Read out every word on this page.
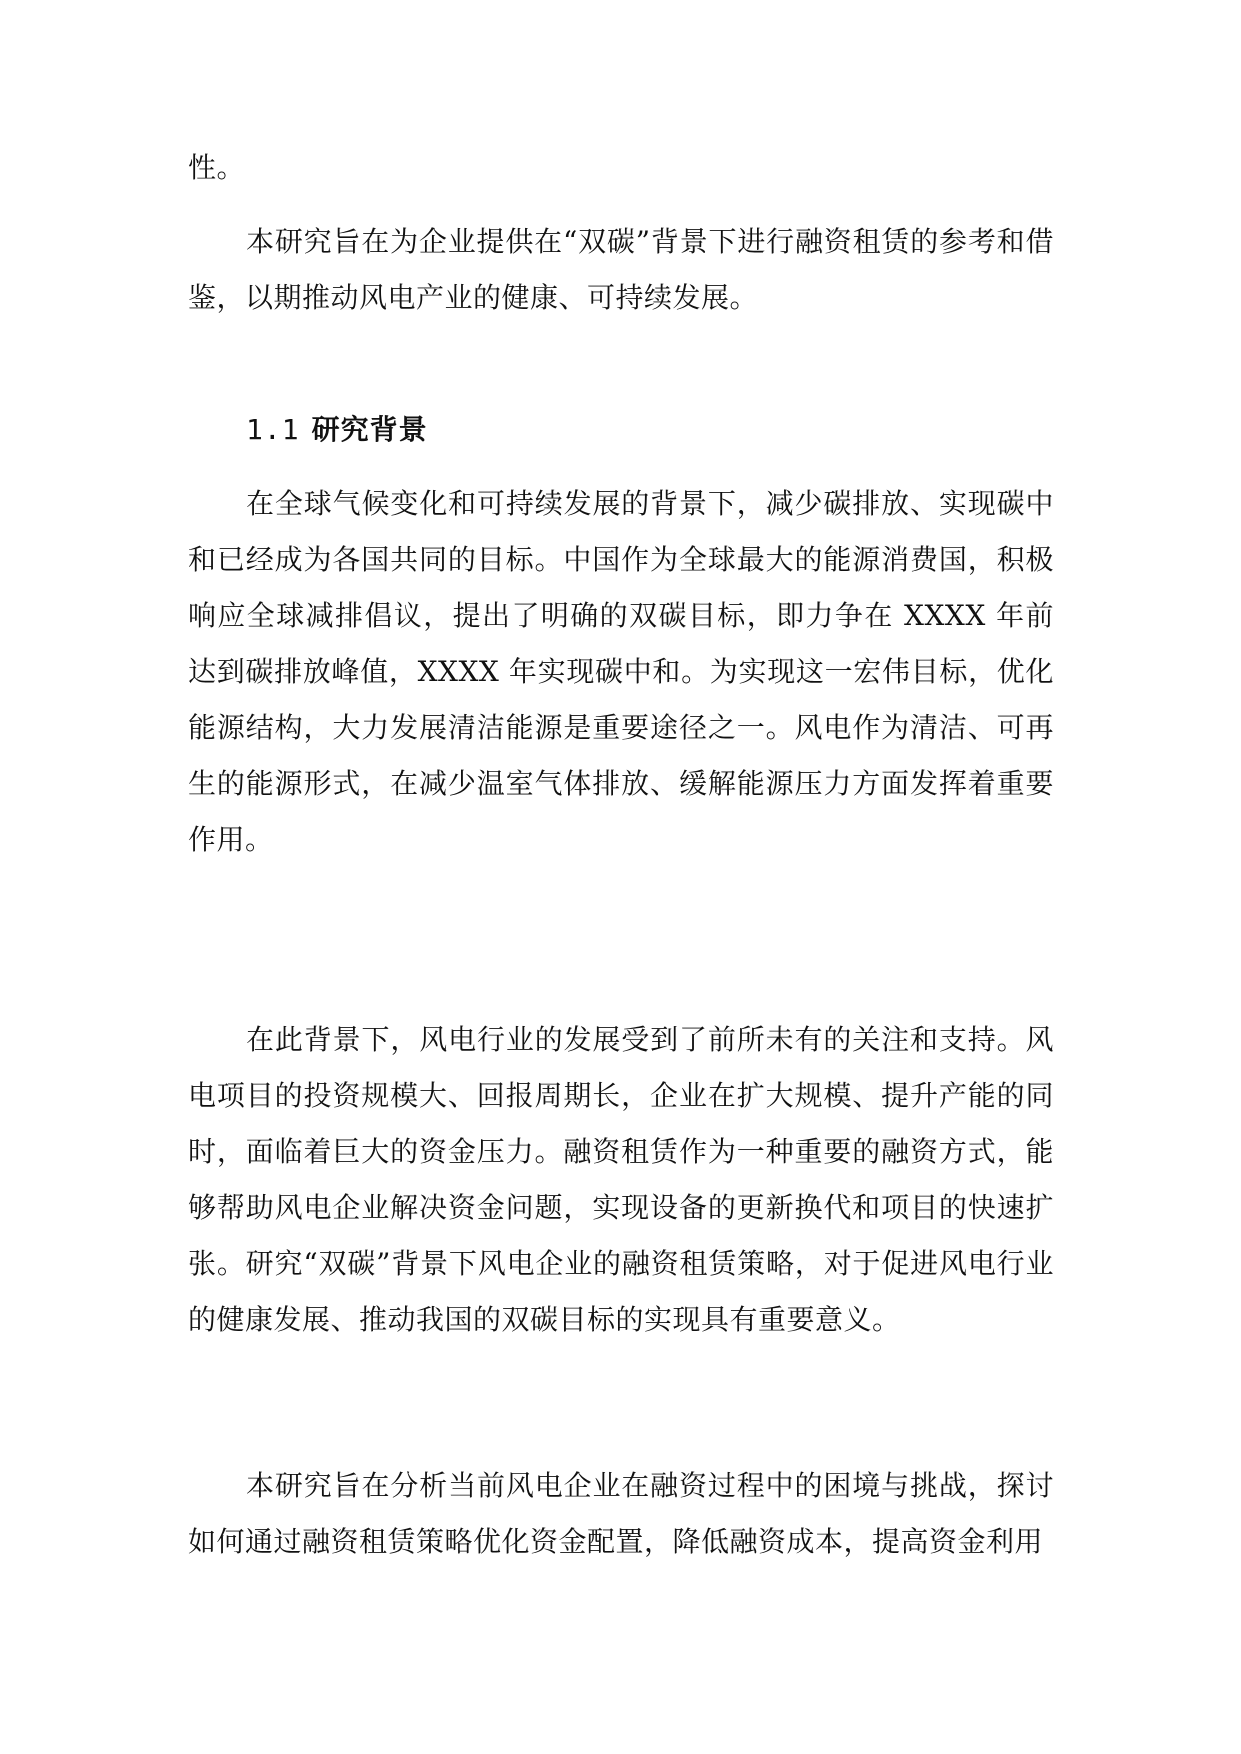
性。

本研究旨在为企业提供在“双碳”背景下进行融资租赁的参考和借鉴，以期推动风电产业的健康、可持续发展。

1.1 研究背景

在全球气候变化和可持续发展的背景下，减少碳排放、实现碳中和已经成为各国共同的目标。中国作为全球最大的能源消费国，积极响应全球减排倡议，提出了明确的双碳目标，即力争在 XXXX 年前达到碳排放峰值，XXXX 年实现碳中和。为实现这一宏伟目标，优化能源结构，大力发展清洁能源是重要途径之一。风电作为清洁、可再生的能源形式，在减少温室气体排放、缓解能源压力方面发挥着重要作用。

在此背景下，风电行业的发展受到了前所未有的关注和支持。风电项目的投资规模大、回报周期长，企业在扩大规模、提升产能的同时，面临着巨大的资金压力。融资租赁作为一种重要的融资方式，能够帮助风电企业解决资金问题，实现设备的更新换代和项目的快速扩张。研究“双碳”背景下风电企业的融资租赁策略，对于促进风电行业的健康发展、推动我国的双碳目标的实现具有重要意义。

本研究旨在分析当前风电企业在融资过程中的困境与挑战，探讨如何通过融资租赁策略优化资金配置，降低融资成本，提高资金利用
